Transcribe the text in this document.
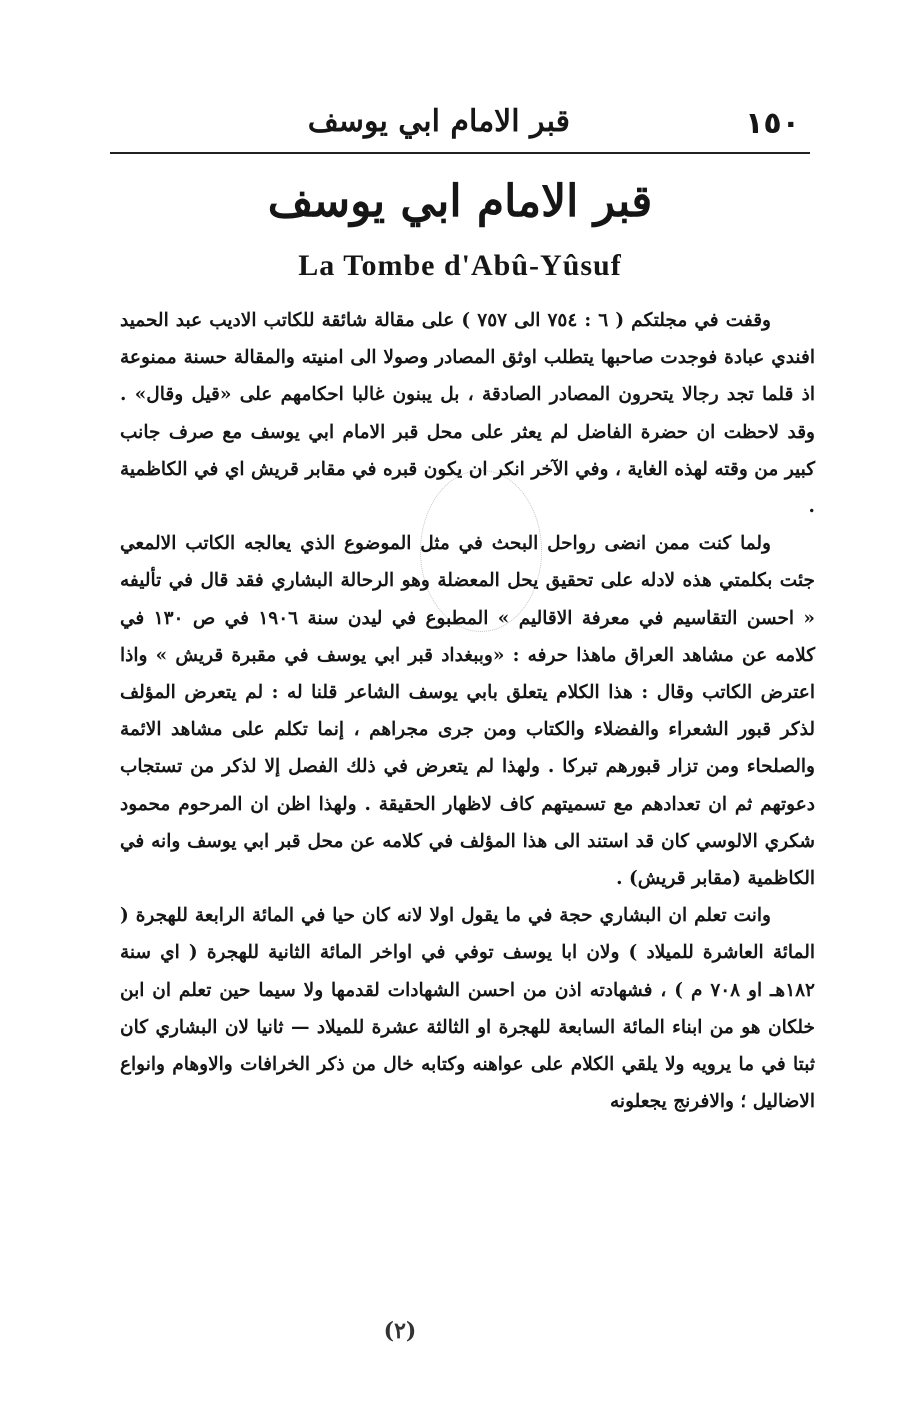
١٥٠
قبر الامام ابي يوسف
قبر الامام ابي يوسف
La Tombe d'Abû-Yûsuf

وقفت في مجلتكم ( ٦ : ٧٥٤ الى ٧٥٧ ) على مقالة شائقة للكاتب الاديب عبد الحميد افندي عبادة فوجدت صاحبها يتطلب اوثق المصادر وصولا الى امنيته والمقالة حسنة ممنوعة اذ قلما تجد رجالا يتحرون المصادر الصادقة ، بل يبنون غالبا احكامهم على «قيل وقال» . وقد لاحظت ان حضرة الفاضل لم يعثر على محل قبر الامام ابي يوسف مع صرف جانب كبير من وقته لهذه الغاية ، وفي الآخر انكر ان يكون قبره في مقابر قريش اي في الكاظمية .

ولما كنت ممن انضى رواحل البحث في مثل الموضوع الذي يعالجه الكاتب الالمعي جئت بكلمتي هذه لادله على تحقيق يحل المعضلة وهو الرحالة البشاري فقد قال في تأليفه « احسن التقاسيم في معرفة الاقاليم » المطبوع في ليدن سنة ١٩٠٦ في ص ١٣٠ في كلامه عن مشاهد العراق ماهذا حرفه : «وببغداد قبر ابي يوسف في مقبرة قريش » واذا اعترض الكاتب وقال : هذا الكلام يتعلق بابي يوسف الشاعر قلنا له : لم يتعرض المؤلف لذكر قبور الشعراء والفضلاء والكتاب ومن جرى مجراهم ، إنما تكلم على مشاهد الائمة والصلحاء ومن تزار قبورهم تبركا . ولهذا لم يتعرض في ذلك الفصل إلا لذكر من تستجاب دعوتهم ثم ان تعدادهم مع تسميتهم كاف لاظهار الحقيقة . ولهذا اظن ان المرحوم محمود شكري الالوسي كان قد استند الى هذا المؤلف في كلامه عن محل قبر ابي يوسف وانه في الكاظمية (مقابر قريش) .

وانت تعلم ان البشاري حجة في ما يقول اولا لانه كان حيا في المائة الرابعة للهجرة ( المائة العاشرة للميلاد ) ولان ابا يوسف توفي في اواخر المائة الثانية للهجرة ( اي سنة ١٨٢هـ او ٧٠٨ م ) ، فشهادته اذن من احسن الشهادات لقدمها ولا سيما حين تعلم ان ابن خلكان هو من ابناء المائة السابعة للهجرة او الثالثة عشرة للميلاد — ثانيا لان البشاري كان ثبتا في ما يرويه ولا يلقي الكلام على عواهنه وكتابه خال من ذكر الخرافات والاوهام وانواع الاضاليل ؛ والافرنج يجعلونه

(٢)
